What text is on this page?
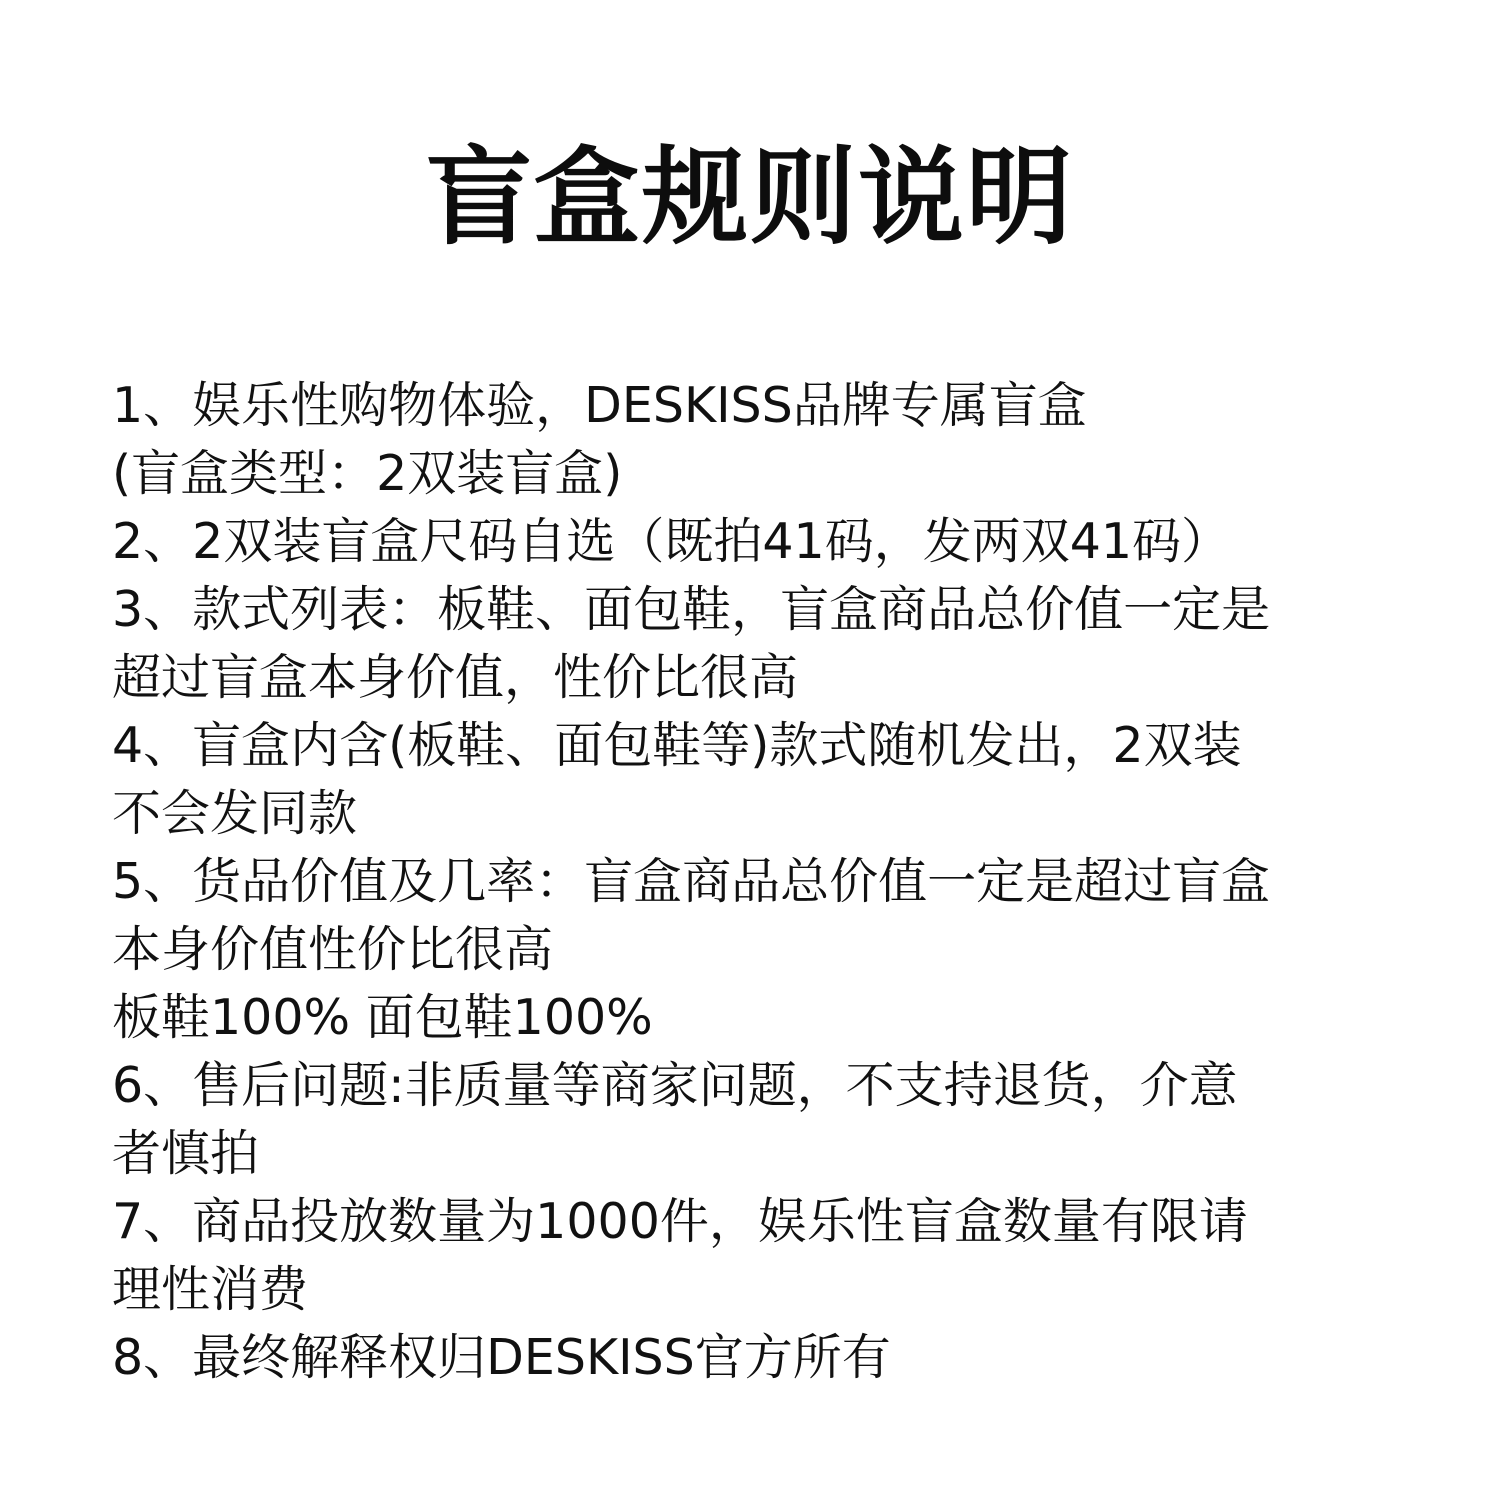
盲盒规则说明
1、娱乐性购物体验，DESKISS品牌专属盲盒
(盲盒类型：2双装盲盒)
2、2双装盲盒尺码自选（既拍41码，发两双41码）
3、款式列表：板鞋、面包鞋，盲盒商品总价值一定是
超过盲盒本身价值，性价比很高
4、盲盒内含(板鞋、面包鞋等)款式随机发出，2双装
不会发同款
5、货品价值及几率：盲盒商品总价值一定是超过盲盒
本身价值性价比很高
板鞋100% 面包鞋100%
6、售后问题:非质量等商家问题，不支持退货，介意
者慎拍
7、商品投放数量为1000件，娱乐性盲盒数量有限请
理性消费
8、最终解释权归DESKISS官方所有
